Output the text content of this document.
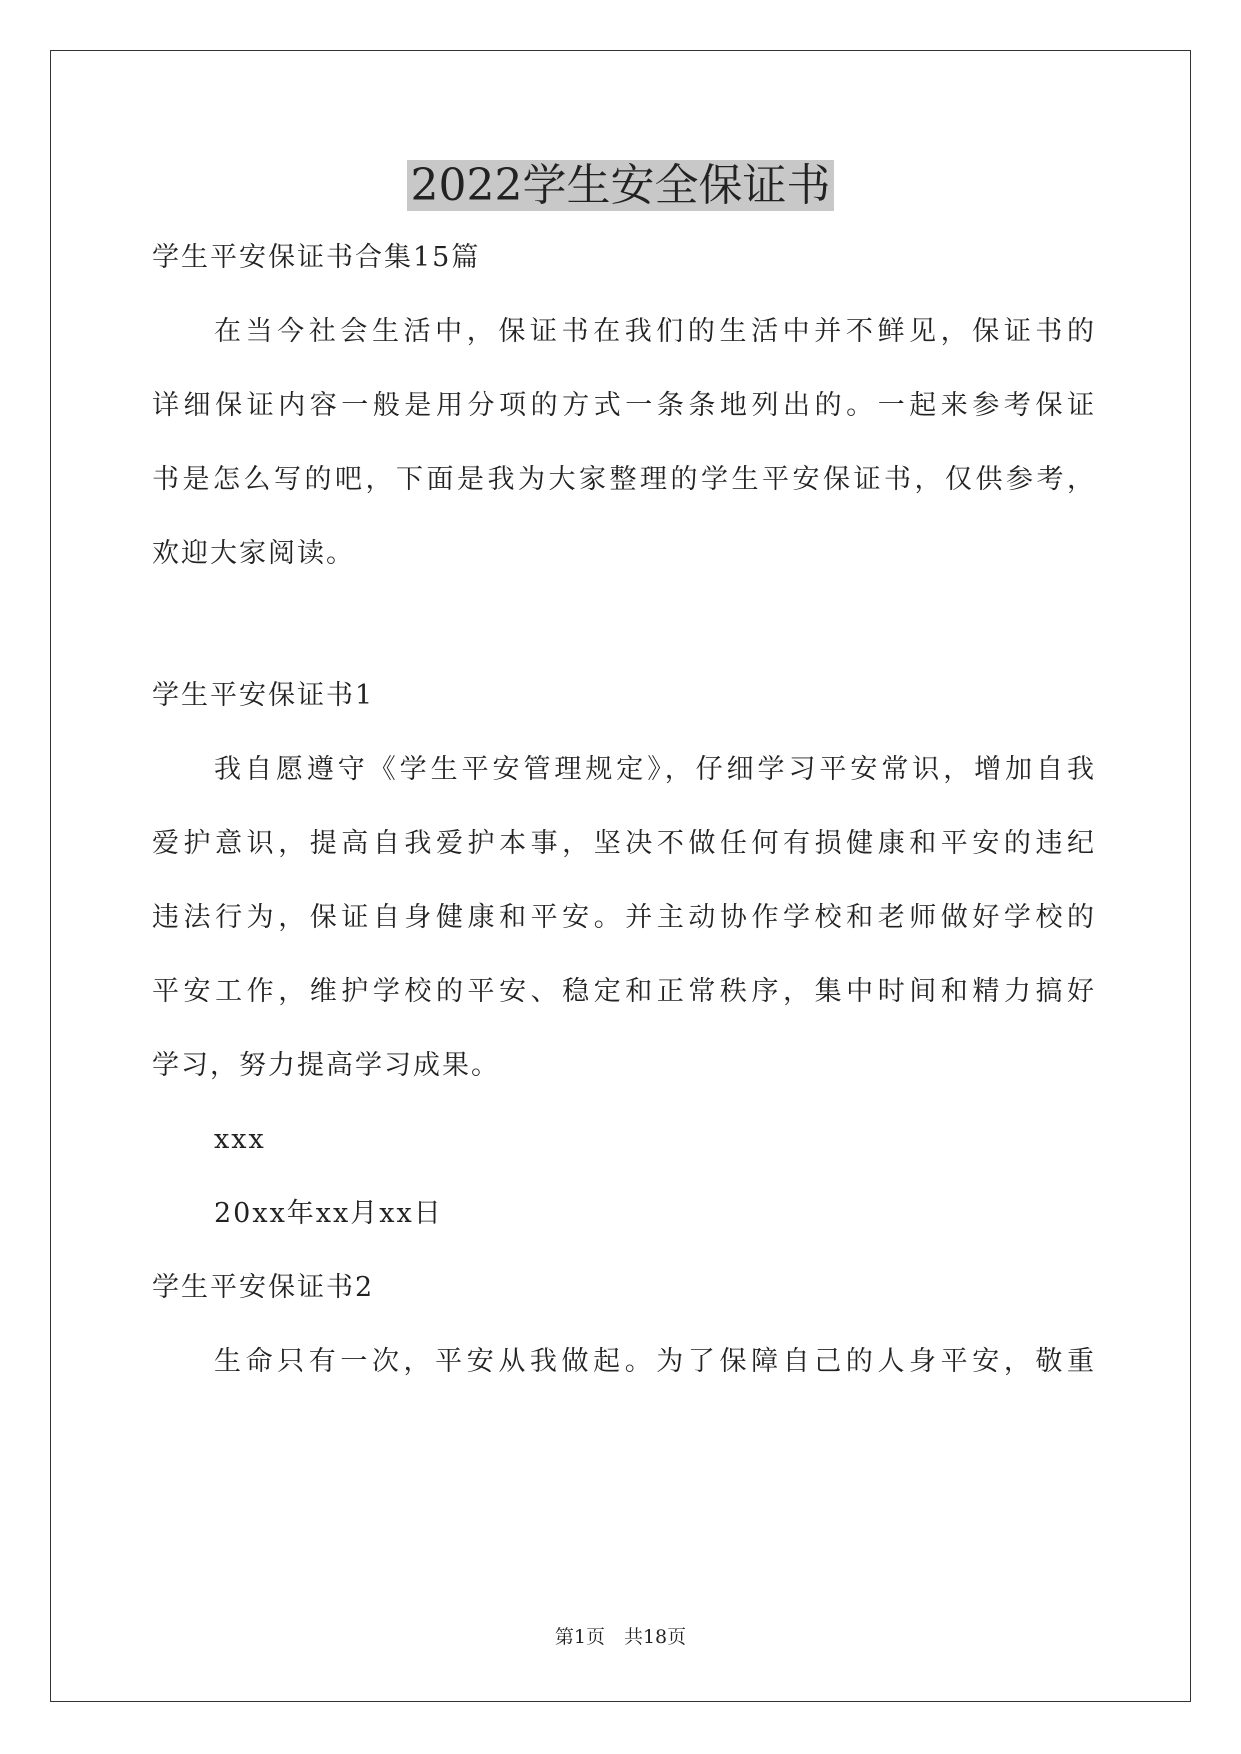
2022学生安全保证书
学生平安保证书合集15篇
在当今社会生活中，保证书在我们的生活中并不鲜见，保证书的
详细保证内容一般是用分项的方式一条条地列出的。一起来参考保证
书是怎么写的吧，下面是我为大家整理的学生平安保证书，仅供参考，
欢迎大家阅读。
学生平安保证书1
我自愿遵守《学生平安管理规定》，仔细学习平安常识，增加自我
爱护意识，提高自我爱护本事，坚决不做任何有损健康和平安的违纪
违法行为，保证自身健康和平安。并主动协作学校和老师做好学校的
平安工作，维护学校的平安、稳定和正常秩序，集中时间和精力搞好
学习，努力提高学习成果。
xxx
20xx年xx月xx日
学生平安保证书2
生命只有一次，平安从我做起。为了保障自己的人身平安，敬重
第1页　共18页
